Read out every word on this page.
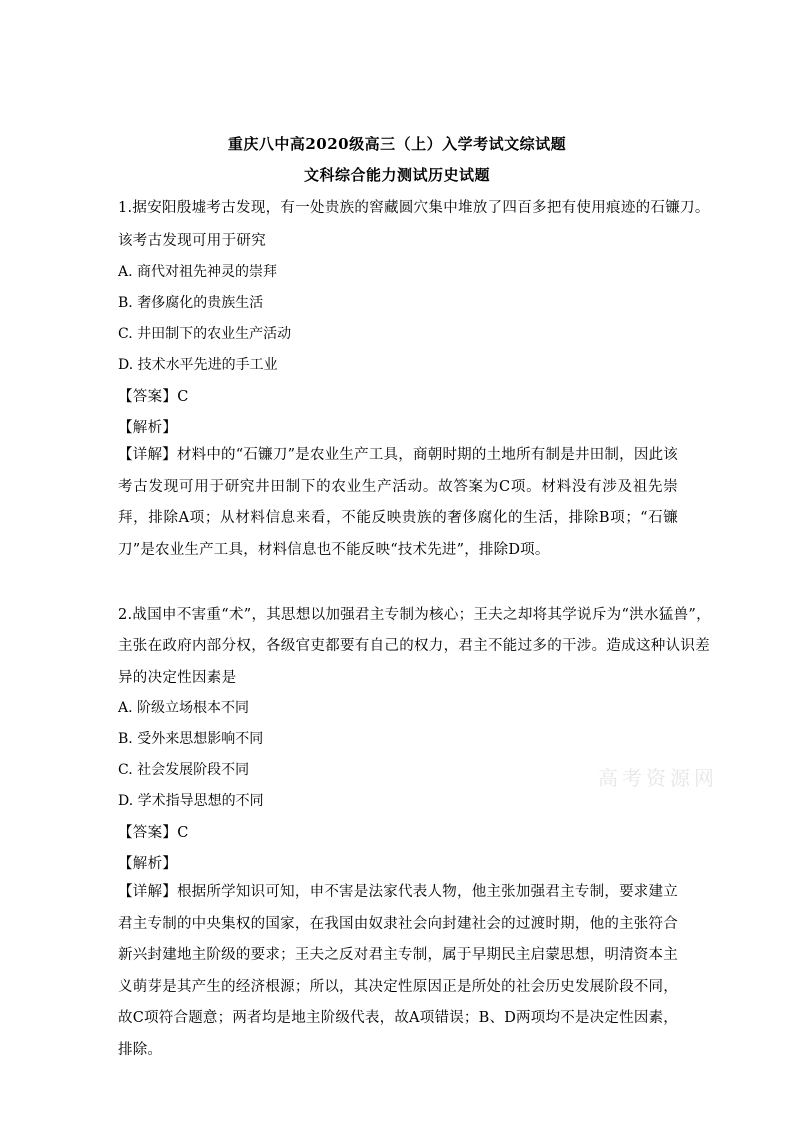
重庆八中高2020级高三（上）入学考试文综试题
文科综合能力测试历史试题
1.据安阳殷墟考古发现，有一处贵族的窖藏圆穴集中堆放了四百多把有使用痕迹的石镰刀。
该考古发现可用于研究
A. 商代对祖先神灵的崇拜
B. 奢侈腐化的贵族生活
C. 井田制下的农业生产活动
D. 技术水平先进的手工业
【答案】C
【解析】
【详解】材料中的“石镰刀”是农业生产工具，商朝时期的土地所有制是井田制，因此该考古发现可用于研究井田制下的农业生产活动。故答案为C项。材料没有涉及祖先崇拜，排除A项；从材料信息来看，不能反映贵族的奢侈腐化的生活，排除B项；“石镰刀”是农业生产工具，材料信息也不能反映“技术先进”，排除D项。
2.战国申不害重“术”，其思想以加强君主专制为核心；王夫之却将其学说斥为“洪水猛兽”，
主张在政府内部分权，各级官吏都要有自己的权力，君主不能过多的干涉。造成这种认识差
异的决定性因素是
A. 阶级立场根本不同
B. 受外来思想影响不同
C. 社会发展阶段不同
D. 学术指导思想的不同
【答案】C
【解析】
【详解】根据所学知识可知，申不害是法家代表人物，他主张加强君主专制，要求建立君主专制的中央集权的国家，在我国由奴隶社会向封建社会的过渡时期，他的主张符合新兴封建地主阶级的要求；王夫之反对君主专制，属于早期民主启蒙思想，明清资本主义萌芽是其产生的经济根源；所以，其决定性原因正是所处的社会历史发展阶段不同，故C项符合题意；两者均是地主阶级代表，故A项错误；B、D两项均不是决定性因素，排除。
高考资源网
